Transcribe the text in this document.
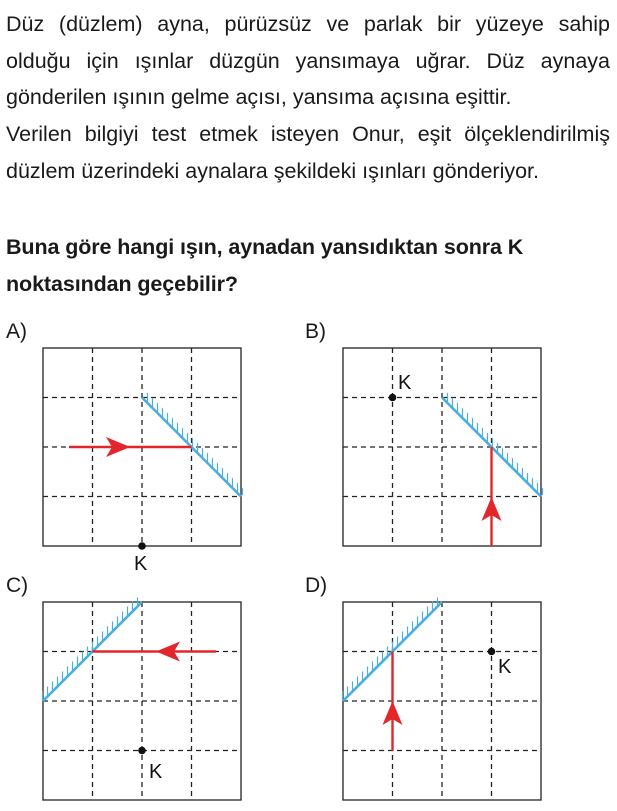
Düz (düzlem) ayna, pürüzsüz ve parlak bir yüzeye sahip olduğu için ışınlar düzgün yansımaya uğrar. Düz aynaya gönderilen ışının gelme açısı, yansıma açısına eşittir.

Verilen bilgiyi test etmek isteyen Onur, eşit ölçeklendirilmiş düzlem üzerindeki aynalara şekildeki ışınları gönderiyor.

Buna göre hangi ışın, aynadan yansıdıktan sonra K noktasından geçebilir?

A)	B)
C)	D)
K
K
K
K
